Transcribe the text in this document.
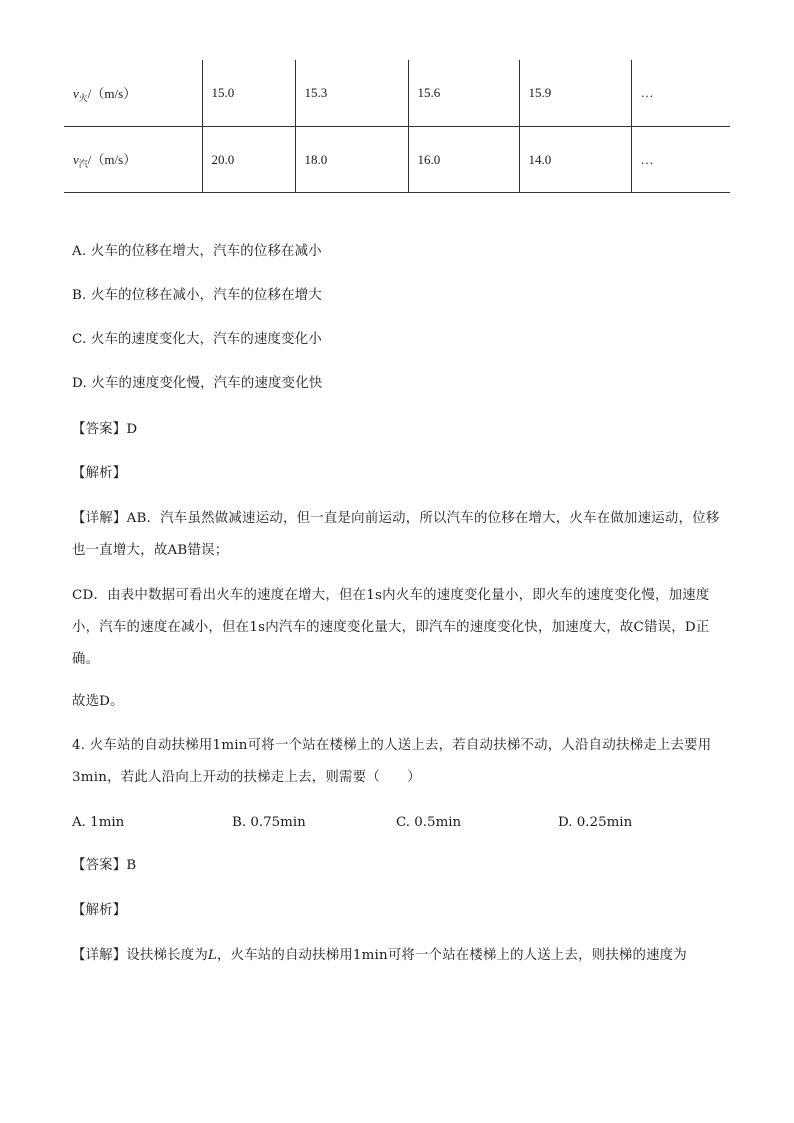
$v_火/(m/s)$	15.0	15.3	15.6	15.9	…
$v_汽/(m/s)$	20.0	18.0	16.0	14.0	…
A. 火车的位移在增大，汽车的位移在减小
B. 火车的位移在减小，汽车的位移在增大
C. 火车的速度变化大，汽车的速度变化小
D. 火车的速度变化慢，汽车的速度变化快
【答案】D
【解析】
【详解】AB．汽车虽然做减速运动，但一直是向前运动，所以汽车的位移在增大，火车在做加速运动，位移也一直增大，故AB错误；
CD．由表中数据可看出火车的速度在增大，但在1s内火车的速度变化量小，即火车的速度变化慢，加速度小，汽车的速度在减小，但在1s内汽车的速度变化量大，即汽车的速度变化快，加速度大，故C错误，D正确。
故选D。
4. 火车站的自动扶梯用1min可将一个站在楼梯上的人送上去，若自动扶梯不动，人沿自动扶梯走上去要用3min，若此人沿向上开动的扶梯走上去，则需要（　　）
A. 1min	B. 0.75min	C. 0.5min	D. 0.25min
【答案】B
【解析】
【详解】设扶梯长度为L，火车站的自动扶梯用1min可将一个站在楼梯上的人送上去，则扶梯的速度为
